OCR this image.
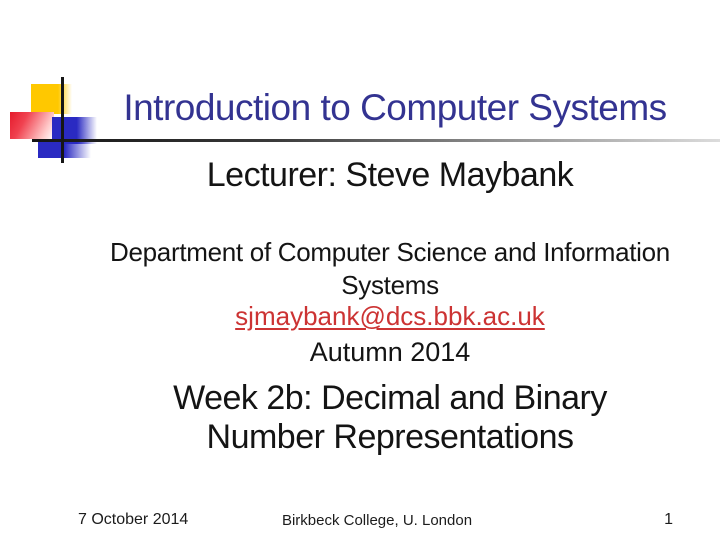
Introduction to Computer Systems
Lecturer: Steve Maybank
Department of Computer Science and Information
Systems
sjmaybank@dcs.bbk.ac.uk
Autumn 2014
Week 2b: Decimal and Binary
Number Representations
7 October 2014	Birkbeck College, U. London	1
